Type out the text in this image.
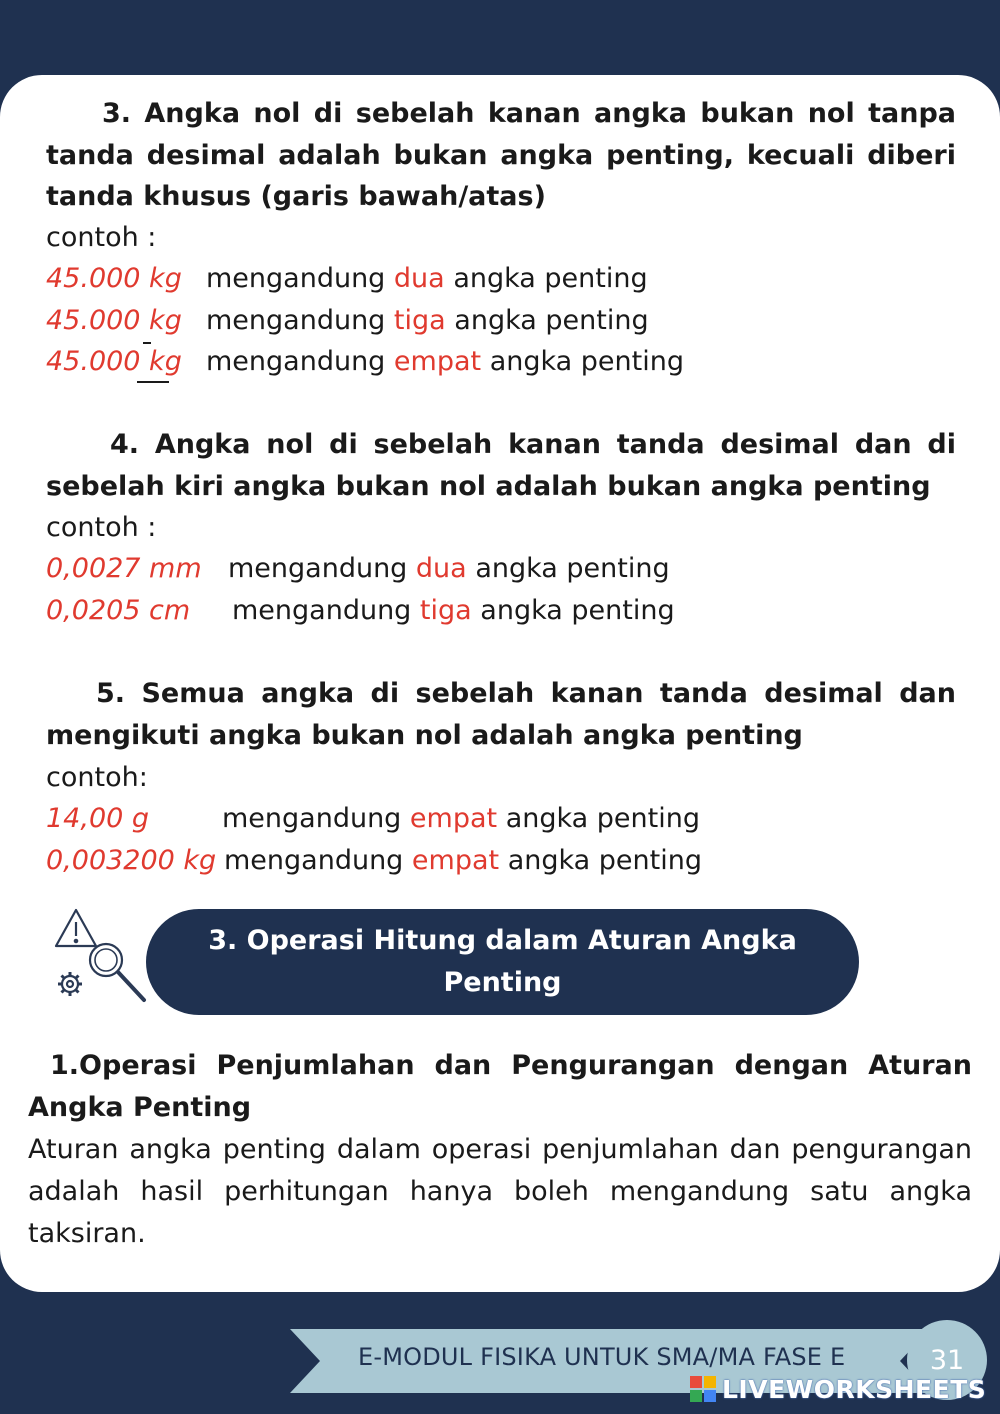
3. Angka nol di sebelah kanan angka bukan nol tanpa tanda desimal adalah bukan angka penting, kecuali diberi tanda khusus (garis bawah/atas)

contoh :
45.000 kg mengandung dua angka penting
45.000 kg mengandung tiga angka penting
45.000 kg mengandung empat angka penting

4. Angka nol di sebelah kanan tanda desimal dan di sebelah kiri angka bukan nol adalah bukan angka penting

contoh :
0,0027 mm mengandung dua angka penting
0,0205 cm mengandung tiga angka penting

5. Semua angka di sebelah kanan tanda desimal dan mengikuti angka bukan nol adalah angka penting

contoh:
14,00 g	mengandung empat angka penting
0,003200 kg mengandung empat angka penting
3. Operasi Hitung dalam Aturan Angka Penting

1.Operasi Penjumlahan dan Pengurangan dengan Aturan Angka Penting

Aturan angka penting dalam operasi penjumlahan dan pengurangan adalah hasil perhitungan hanya boleh mengandung satu angka taksiran.

E-MODUL FISIKA UNTUK SMA/MA FASE E	31
LIVEWORKSHEETS
